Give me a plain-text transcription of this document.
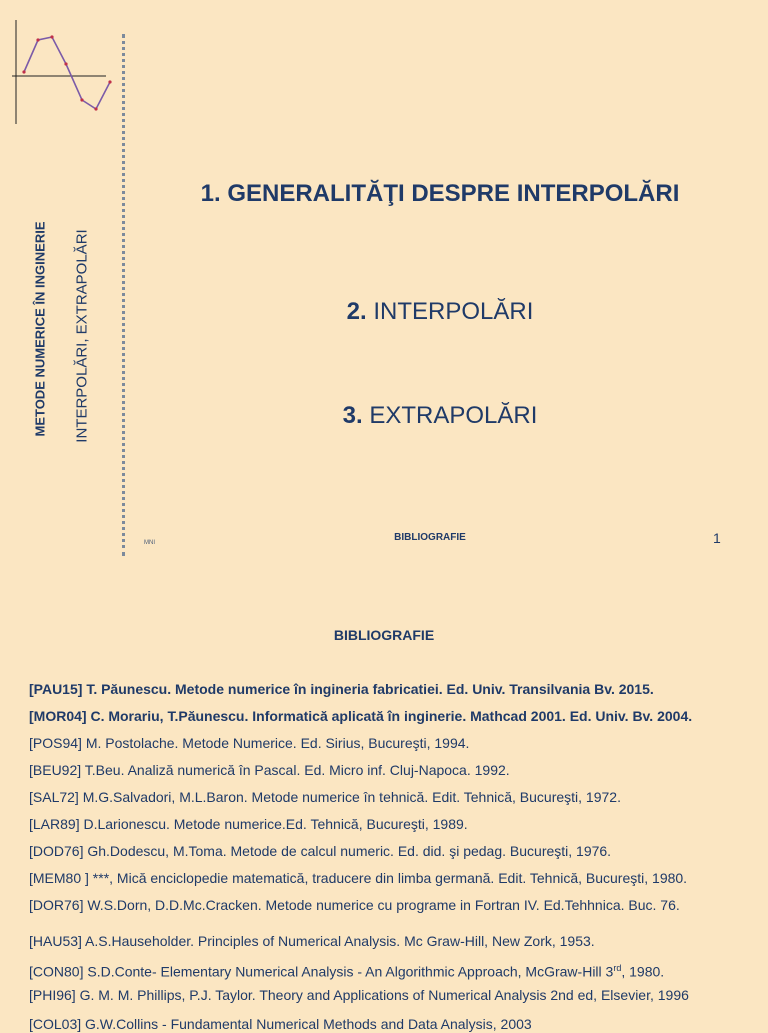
METODE NUMERICE ÎN INGINERIE INTERPOLĂRI, EXTRAPOLĂRI
1. GENERALITĂŢI DESPRE INTERPOLĂRI
2. INTERPOLĂRI
3. EXTRAPOLĂRI
MNI	BIBLIOGRAFIE	1
BIBLIOGRAFIE
[PAU15] T. Păunescu. Metode numerice în ingineria fabricatiei. Ed. Univ. Transilvania Bv. 2015.
[MOR04] C. Morariu, T.Păunescu. Informatică aplicată în inginerie. Mathcad 2001. Ed. Univ. Bv. 2004.
[POS94] M. Postolache. Metode Numerice. Ed. Sirius, Bucureşti, 1994.
[BEU92] T.Beu. Analiză numerică în Pascal. Ed. Micro inf. Cluj-Napoca. 1992.
[SAL72] M.G.Salvadori, M.L.Baron. Metode numerice în tehnică. Edit. Tehnică, Bucureşti, 1972.
[LAR89] D.Larionescu. Metode numerice.Ed. Tehnică, Bucureşti, 1989.
[DOD76] Gh.Dodescu, M.Toma. Metode de calcul numeric. Ed. did. şi pedag. Bucureşti, 1976.
[MEM80 ] ***, Mică enciclopedie matematică, traducere din limba germană. Edit. Tehnică, Bucureşti, 1980.
[DOR76] W.S.Dorn, D.D.Mc.Cracken. Metode numerice cu programe in Fortran IV. Ed.Tehhnica. Buc. 76.
[HAU53] A.S.Hauseholder. Principles of Numerical Analysis. Mc Graw-Hill, New Zork, 1953.
[CON80] S.D.Conte- Elementary Numerical Analysis - An Algorithmic Approach, McGraw-Hill 3rd, 1980.
[PHI96] G. M. M. Phillips, P.J. Taylor. Theory and Applications of Numerical Analysis 2nd ed, Elsevier, 1996
[COL03] G.W.Collins - Fundamental Numerical Methods and Data Analysis, 2003
